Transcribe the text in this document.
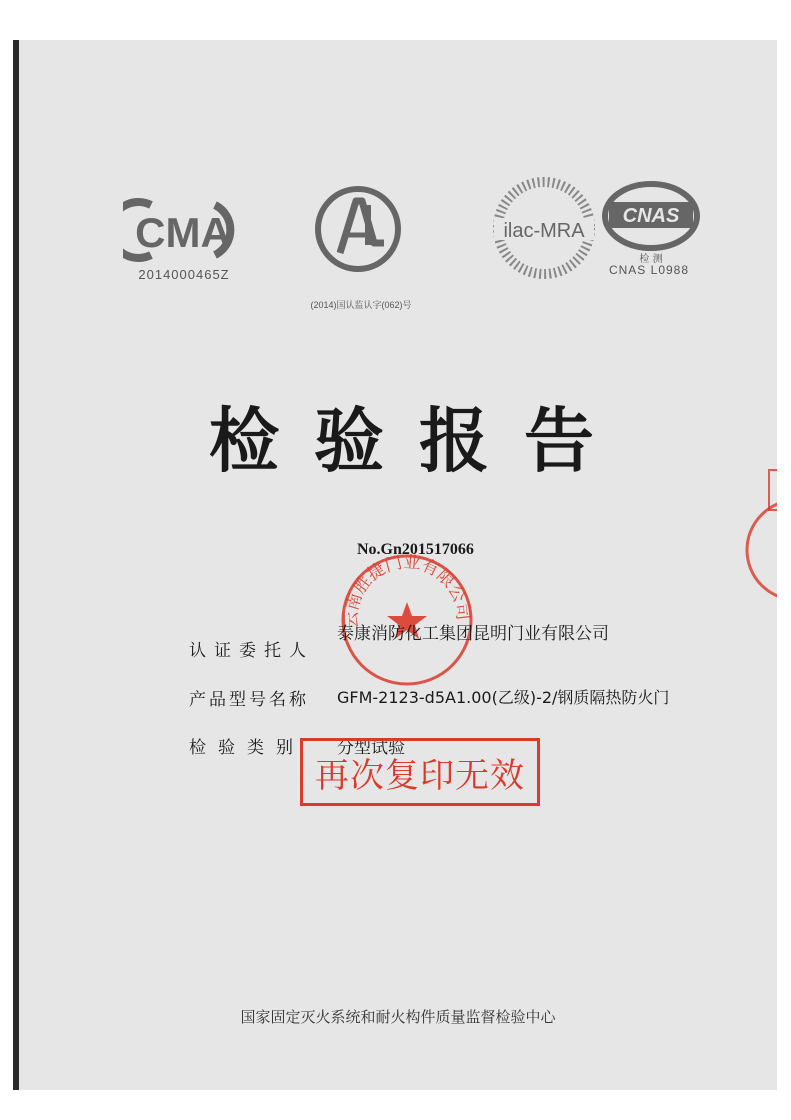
CMA
2014000465Z
(2014)国认监认字(062)号
ilac-MRA
CNAS
检 测
CNAS L0988
检验报告
No.Gn201517066
云南胜捷门业有限公司
认证委托人
泰康消防化工集团昆明门业有限公司
产品型号名称 GFM-2123-d5A1.00(乙级)-2/钢质隔热防火门
检验类别 分型试验
再次复印无效
国家固定灭火系统和耐火构件质量监督检验中心
